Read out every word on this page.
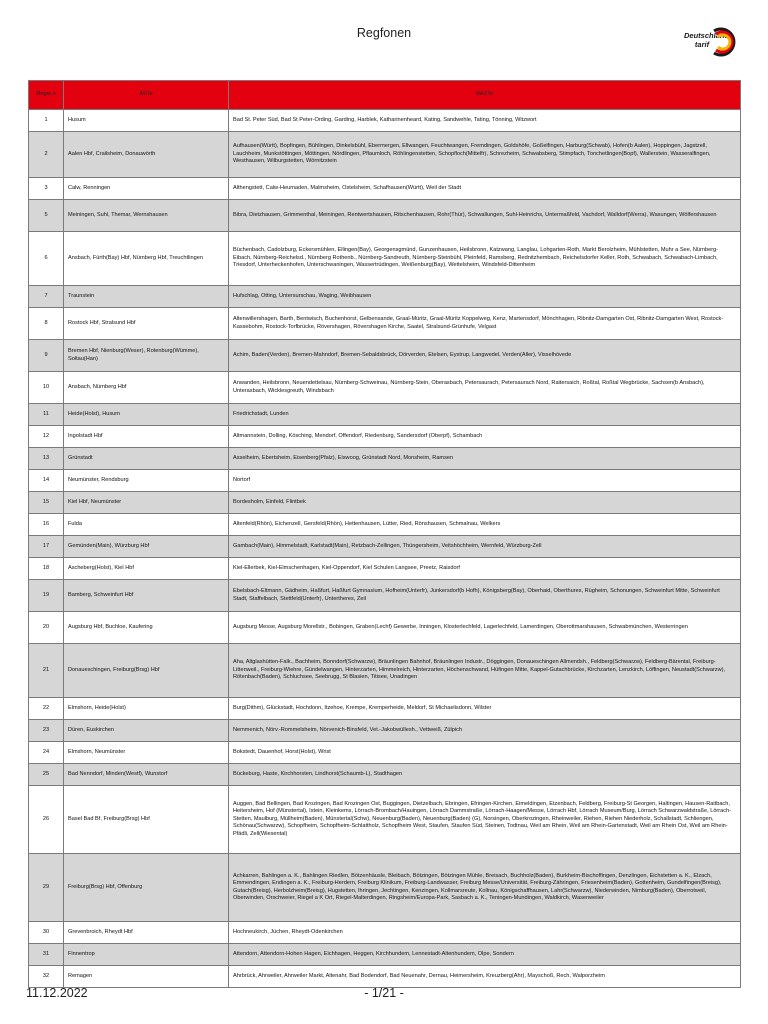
Regfonen	Deutschland-
tarif
Regio n	ASTe	NASTe
1	Husum	Bad St. Peter Süd, Bad St Peter-Ording, Garding, Harblek, Katharinenheard, Kating, Sandwehle, Tating, Tönning, Witzwort
2	Aalen Hbf, Crailsheim, Donauwörth	Aufhausen(Württ), Bopfingen, Bühlingen, Dinkelsbühl, Ebermergen, Ellwangen, Feuchtwangen, Fremdingen, Goldshöfe, Goßelfingen, Harburg(Schwab), Hofen(b Aalen), Hoppingen, Jagstzell, Lauchheim, Munkstöttingen, Möttingen, Nördlingen, Pflaumloch, Röhlingenstetten, Schopfloch(Mittelfr), Schrezheim, Schwabsberg, Stimpfach, Tonchetlingen(Bopf), Wallerstein, Wasseralfingen, Westhausen, Wilburgstetten, Wörnitzstein
3	Calw, Renningen	Althengstett, Calw-Heumaden, Malmsheim, Ostelsheim, Schafhausen(Württ), Weil der Stadt
5	Meiningen, Suhl, Themar, Wernshausen	Bibra, Dietzhausen, Grimmenthal, Meiningen, Rentwertshausen, Ritschenhausen, Rohr(Thür), Schwallungen, Suhl-Heinrichs, Untermaßfeld, Vachdorf, Walldorf(Werra), Wasungen, Wölfershausen
6	Ansbach, Fürth(Bay) Hbf, Nürnberg Hbf, Treuchtlingen	Büchenbach, Cadolzburg, Eckersmühlen, Ellingen(Bay), Georgensgmünd, Gunzenhausen, Heilsbronn, Katzwang, Langlau, Lohgarten-Roth, Markt Berolzheim, Mühlstetten, Muhr a See, Nürnberg-Eibach, Nürnberg-Reichelsd., Nürnberg Rothenb., Nürnberg-Sandreuth, Nürnberg-Steinbühl, Pleinfeld, Ramsberg, Rednitzhembach, Reichelsdorfer Keller, Roth, Schwabach, Schwabach-Limbach, Triesdorf, Unterheckenhofen, Unterschwaningen, Wassertrüdingen, Weißenburg(Bay), Wettelsheim, Windsfeld-Dittenheim
7	Traunstein	Hufschlag, Otting, Untersurschau, Waging, Weibhausen
8	Rostock Hbf, Stralsund Hbf	Altenwillershagen, Barth, Bentwisch, Buchenhorst, Gelbensande, Graal-Müritz, Graal-Müritz Koppelweg, Kenz, Martensdorf, Mönchhagen, Ribnitz-Damgarten Ost, Ribnitz-Damgarten West, Rostock-Kassebohm, Rostock-Torfbrücke, Rövershagen, Rövershagen Kirche, Saatel, Stralsund-Grünhufe, Velgast
9	Bremen Hbf, Nienburg(Weser), Rotenburg(Wümme), Soltau(Han)	Achim, Baden(Verden), Bremen-Mahndorf, Bremen-Sebaldsbrück, Dörverden, Etelsen, Eystrup, Langwedel, Verden(Aller), Visselhövede
10	Ansbach, Nürnberg Hbf	Anwanden, Heilsbronn, Neuendettelsau, Nürnberg-Schweinau, Nürnberg-Stein, Oberasbach, Petersaurach, Petersaurach Nord, Raitersaich, Roßtal, Roßtal Wegbrücke, Sachsen(b Ansbach), Unterasbach, Wicklesgreuth, Windsbach
11	Heide(Holst), Husum	Friedrichstadt, Lunden
12	Ingolstadt Hbf	Altmannstein, Dolling, Kösching, Mendorf, Offendorf, Riedenburg, Sandersdorf (Oberpf), Schambach
13	Grünstadt	Asselheim, Ebertsheim, Eisenberg(Pfalz), Eiswoog, Grünstadt Nord, Monsheim, Ramsen
14	Neumünster, Rendsburg	Nortorf
15	Kiel Hbf, Neumünster	Bordesholm, Einfeld, Flintbek
16	Fulda	Altenfeld(Rhön), Eichenzell, Gersfeld(Rhön), Hettenhausen, Lütter, Ried, Rönshausen, Schmalnau, Welkers
17	Gemünden(Main), Würzburg Hbf	Gambach(Main), Himmelstadt, Karlstadt(Main), Retzbach-Zellingen, Thüngersheim, Veitshöchheim, Wernfeld, Würzburg-Zell
18	Ascheberg(Holst), Kiel Hbf	Kiel-Ellerbek, Kiel-Elmschenhagen, Kiel-Oppendorf, Kiel Schulen Langsee, Preetz, Raisdorf
19	Bamberg, Schweinfurt Hbf	Ebelsbach-Eltmann, Gädheim, Haßfurt, Haßfurt Gymnasium, Hofheim(Unterfr), Junkersdorf(b Hofh), Königsberg(Bay), Oberhaid, Oberthures, Rügheim, Schonungen, Schweinfurt Mitte, Schweinfurt Stadt, Staffelbach, Stettfeld(Unterfr), Untertheres, Zeil
20	Augsburg Hbf, Buchloe, Kaufering	Augsburg Messe, Augsburg Morellstr., Bobingen, Graben(Lechf) Gewerbe, Inningen, Klosterlechfeld, Lagerlechfeld, Lamerdingen, Oberottmarshausen, Schwabmünchen, Westerringen
21	Donaueschingen, Freiburg(Brsg) Hbf	Aha, Altglashütten-Falk., Bachheim, Bonndorf(Schwarzw), Bräunlingen Bahnhof, Bräunlingen Industr., Döggingen, Donaueschingen Allmendsh., Feldberg(Schwarzw), Feldberg-Bärental, Freiburg-Littenweil., Freiburg-Wiehre, Gündelwangen, Hinterzarten, Himmelreich, Hinterzarten, Höchenschwand, Hüfingen Mitte, Kappel-Gutachbrücke, Kirchzarten, Lenzkirch, Löffingen, Neustadt(Schwarzw), Rötenbach(Baden), Schluchsee, Seebrugg, St Blasien, Titisee, Unadingen
22	Elmshorn, Heide(Holst)	Burg(Dithm), Glückstadt, Hochdonn, Itzehoe, Krempe, Kremperheide, Meldorf, St Michaelisdonn, Wilster
23	Düren, Euskirchen	Nemmenich, Nörv.-Rommelsheim, Nörvenich-Binsfeld, Vet.-Jakobwüllesh., Vettweiß, Zülpich
24	Elmshorn, Neumünster	Bokstedt, Dauenhof, Horst(Holst), Wrist
25	Bad Nenndorf, Minden(Westf), Wunstorf	Bückeburg, Haste, Kirchhorsten, Lindhorst(Schaumb-L), Stadthagen
26	Basel Bad Bf, Freiburg(Brsg) Hbf	Auggen, Bad Bellingen, Bad Krozingen, Bad Krozingen Ost, Buggingen, Dietzelbach, Ebringen, Efringen-Kirchen, Eimeldingen, Etzenbach, Feldberg, Freiburg-St Georgen, Haltingen, Hausen-Raitbach, Heitersheim, Hof (Münstertal), Istein, Kleinkems, Lörrach-Brombach/Hauingen, Lörrach Dammstraße, Lörrach-Haagen/Messe, Lörrach Hbf, Lörrach Museum/Burg, Lörrach Schwarzwaldstraße, Lörrach-Stetten, Maulburg, Müllheim(Baden), Münstertal(Schw), Neuenburg(Baden), Neuenburg(Baden) (G), Norsingen, Oberkrozingen, Rheinweiler, Riehen, Riehen Niederholz, Schallstadt, Schliengen, Schönau(Schwarzw), Schopfheim, Schopfheim-Schlattholz, Schopfheim West, Staufen, Staufen Süd, Steinen, Todtnau, Weil am Rhein, Weil am Rhein-Gartenstadt, Weil am Rhein Ost, Weil am Rhein-Pfädli, Zell(Wiesental)
29	Freiburg(Brsg) Hbf, Offenburg	Achkarren, Bahlingen a. K., Bahlingen Riedlen, Bötzenhäusle, Bleibach, Bötzingen, Bötzingen Mühle, Breisach, Buchholz(Baden), Burkheim-Bischoffingen, Denzlingen, Eichstetten a. K., Elzach, Emmendingen, Endingen a. K., Freiburg-Herdern, Freiburg Klinikum, Freiburg-Landwasser, Freiburg Messe/Universität, Freiburg-Zähringen, Friesenheim(Baden), Gottenheim, Gundelfingen(Breisg), Gutach(Breisg), Herbolzheim(Breisg), Hugstetten, Ihringen, Jechtingen, Kenzingen, Kollmarsreute, Kollnau, Königschaffhausen, Lahr(Schwarzw), Niederwinden, Nimburg(Baden), Oberrotweil, Oberwinden, Orschweier, Riegel a K Ort, Riegel-Malterdingen, Ringsheim/Europa-Park, Sasbach a. K., Teningen-Mundingen, Waldkirch, Wasenweiler
30	Grevenbroich, Rheydt Hbf	Hochneukirch, Jüchen, Rheydt-Odenkirchen
31	Finnentrop	Attendorn, Attendorn-Hohen Hagen, Eichhagen, Heggen, Kirchhundem, Lennestadt-Altenhundem, Olpe, Sondern
32	Remagen	Ahrbrück, Ahrweiler, Ahrweiler Markt, Altenahr, Bad Bodendorf, Bad Neuenahr, Dernau, Heimersheim, Kreuzberg(Ahr), Mayschoß, Rech, Walporzheim
11.12.2022	- 1/21 -
